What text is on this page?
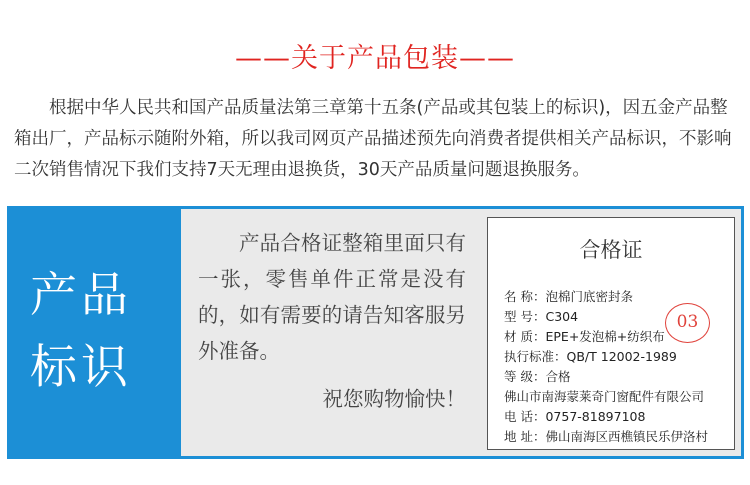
——关于产品包装——

根据中华人民共和国产品质量法第三章第十五条(产品或其包装上的标识)，因五金产品整箱出厂，产品标示随附外箱，所以我司网页产品描述预先向消费者提供相关产品标识，不影响二次销售情况下我们支持7天无理由退换货，30天产品质量问题退换服务。

产品
标识
产品合格证整箱里面只有一张，零售单件正常是没有的，如有需要的请告知客服另外准备。
祝您购物愉快！
合格证
03
名 称：泡棉门底密封条
型 号：C304
材 质：EPE+发泡棉+纺织布
执行标准：QB/T 12002-1989
等 级：合格
佛山市南海蒙莱奇门窗配件有限公司
电 话：0757-81897108
地 址：佛山南海区西樵镇民乐伊洛村
